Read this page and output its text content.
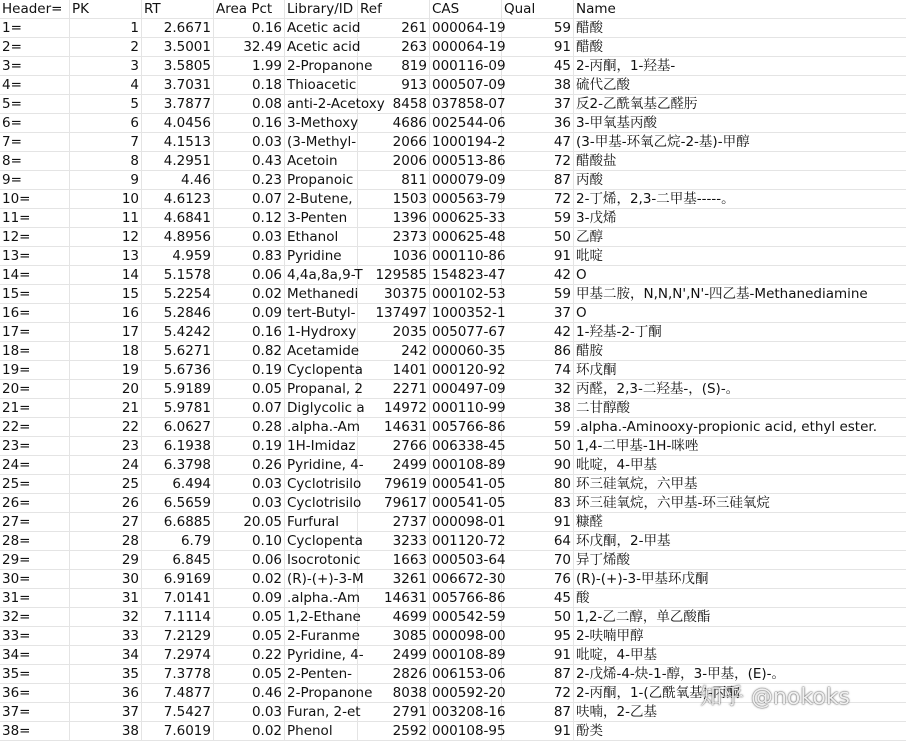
Header= PK	RT	Area Pct	Library/ID Ref	CAS	Qual	Name
1=	1	2.6671	0.16 Acetic acid	261 000064-19	59 醋酸
2=	2	3.5001	32.49 Acetic acid	263 000064-19	91 醋酸
3=	3	3.5805	1.99 2-Propanone	819 000116-09	45 2-丙酮，1-羟基-
4=	4	3.7031	0.18 Thioacetic	913 000507-09	38 硫代乙酸
5=	5	3.7877	0.08 anti-2-Acetoxy 8458 037858-07	37 反2-乙酰氧基乙醛肟
6=	6	4.0456	0.16 3-Methoxy	4686 002544-06	36 3-甲氧基丙酸
7=	7	4.1513	0.03 (3-Methyl-	2066 1000194-2	47 (3-甲基-环氧乙烷-2-基)-甲醇
8=	8	4.2951	0.43 Acetoin	2006 000513-86	72 醋酸盐
9=	9	4.46	0.23 Propanoic	811 000079-09	87 丙酸
10=	10	4.6123	0.07 2-Butene,	1503 000563-79	72 2-丁烯，2,3-二甲基-----。
11=	11	4.6841	0.12 3-Penten	1396 000625-33	59 3-戊烯
12=	12	4.8956	0.03 Ethanol	2373 000625-48	50 乙醇
13=	13	4.959	0.83 Pyridine	1036 000110-86	91 吡啶
14=	14	5.1578	0.06 4,4a,8a,9-T 129585 154823-47	42 O
15=	15	5.2254	0.02 Methanedi	30375 000102-53	59 甲基二胺，N,N,N',N'-四乙基-Methanediamine
16=	16	5.2846	0.09 tert-Butyl-	137497 1000352-1	37 O
17=	17	5.4242	0.16 1-Hydroxy	2035 005077-67	42 1-羟基-2-丁酮
18=	18	5.6271	0.82 Acetamide	242 000060-35	86 醋胺
19=	19	5.6736	0.19 Cyclopenta	1401 000120-92	74 环戊酮
20=	20	5.9189	0.05 Propanal, 2	2271 000497-09	32 丙醛，2,3-二羟基-，(S)-。
21=	21	5.9781	0.07 Diglycolic a	14972 000110-99	38 二甘醇酸
22=	22	6.0627	0.28 .alpha.-Am	14631 005766-86	59 .alpha.-Aminooxy-propionic acid, ethyl ester.
23=	23	6.1938	0.19 1H-Imidaz	2766 006338-45	50 1,4-二甲基-1H-咪唑
24=	24	6.3798	0.26 Pyridine, 4-	2499 000108-89	90 吡啶，4-甲基
25=	25	6.494	0.03 Cyclotrisilo	79619 000541-05	80 环三硅氧烷，六甲基
26=	26	6.5659	0.03 Cyclotrisilo	79617 000541-05	83 环三硅氧烷，六甲基-环三硅氧烷
27=	27	6.6885	20.05 Furfural	2737 000098-01	91 糠醛
28=	28	6.79	0.10 Cyclopenta	3233 001120-72	64 环戊酮，2-甲基
29=	29	6.845	0.06 Isocrotonic	1663 000503-64	70 异丁烯酸
30=	30	6.9169	0.02 (R)-(+)-3-M	3261 006672-30	76 (R)-(+)-3-甲基环戊酮
31=	31	7.0141	0.09 .alpha.-Am	14631 005766-86	45 酸
32=	32	7.1114	0.05 1,2-Ethane	4699 000542-59	50 1,2-乙二醇，单乙酸酯
33=	33	7.2129	0.05 2-Furanme	3085 000098-00	95 2-呋喃甲醇
34=	34	7.2974	0.22 Pyridine, 4-	2499 000108-89	91 吡啶，4-甲基
35=	35	7.3778	0.05 2-Penten-	2826 006153-06	87 2-戊烯-4-炔-1-醇，3-甲基，(E)-。
36=	36	7.4877	0.46 2-Propanone	8038 000592-20	72 2-丙酮，1-(乙酰氧基)-丙酮
37=	37	7.5427	0.03 Furan, 2-et	2791 003208-16	87 呋喃，2-乙基
38=	38	7.6019	0.02 Phenol	2592 000108-95	91 酚类
知乎 @nokoks
